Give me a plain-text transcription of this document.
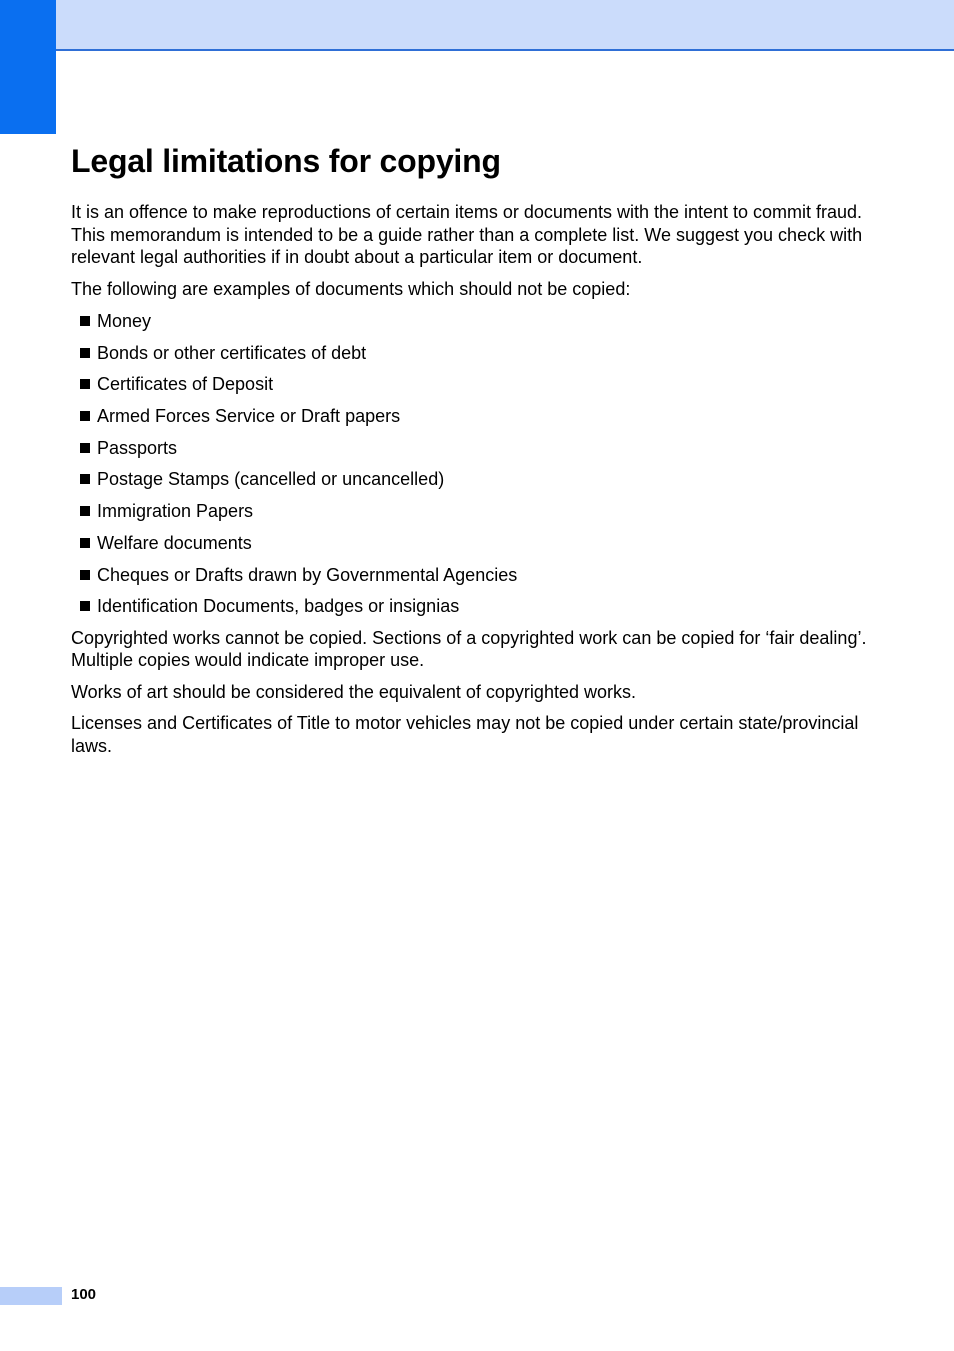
Legal limitations for copying

It is an offence to make reproductions of certain items or documents with the intent to commit fraud. This memorandum is intended to be a guide rather than a complete list. We suggest you check with relevant legal authorities if in doubt about a particular item or document.

The following are examples of documents which should not be copied:

Money
Bonds or other certificates of debt
Certificates of Deposit
Armed Forces Service or Draft papers
Passports
Postage Stamps (cancelled or uncancelled)
Immigration Papers
Welfare documents
Cheques or Drafts drawn by Governmental Agencies
Identification Documents, badges or insignias

Copyrighted works cannot be copied. Sections of a copyrighted work can be copied for ‘fair dealing’. Multiple copies would indicate improper use.

Works of art should be considered the equivalent of copyrighted works.

Licenses and Certificates of Title to motor vehicles may not be copied under certain state/provincial laws.

100
